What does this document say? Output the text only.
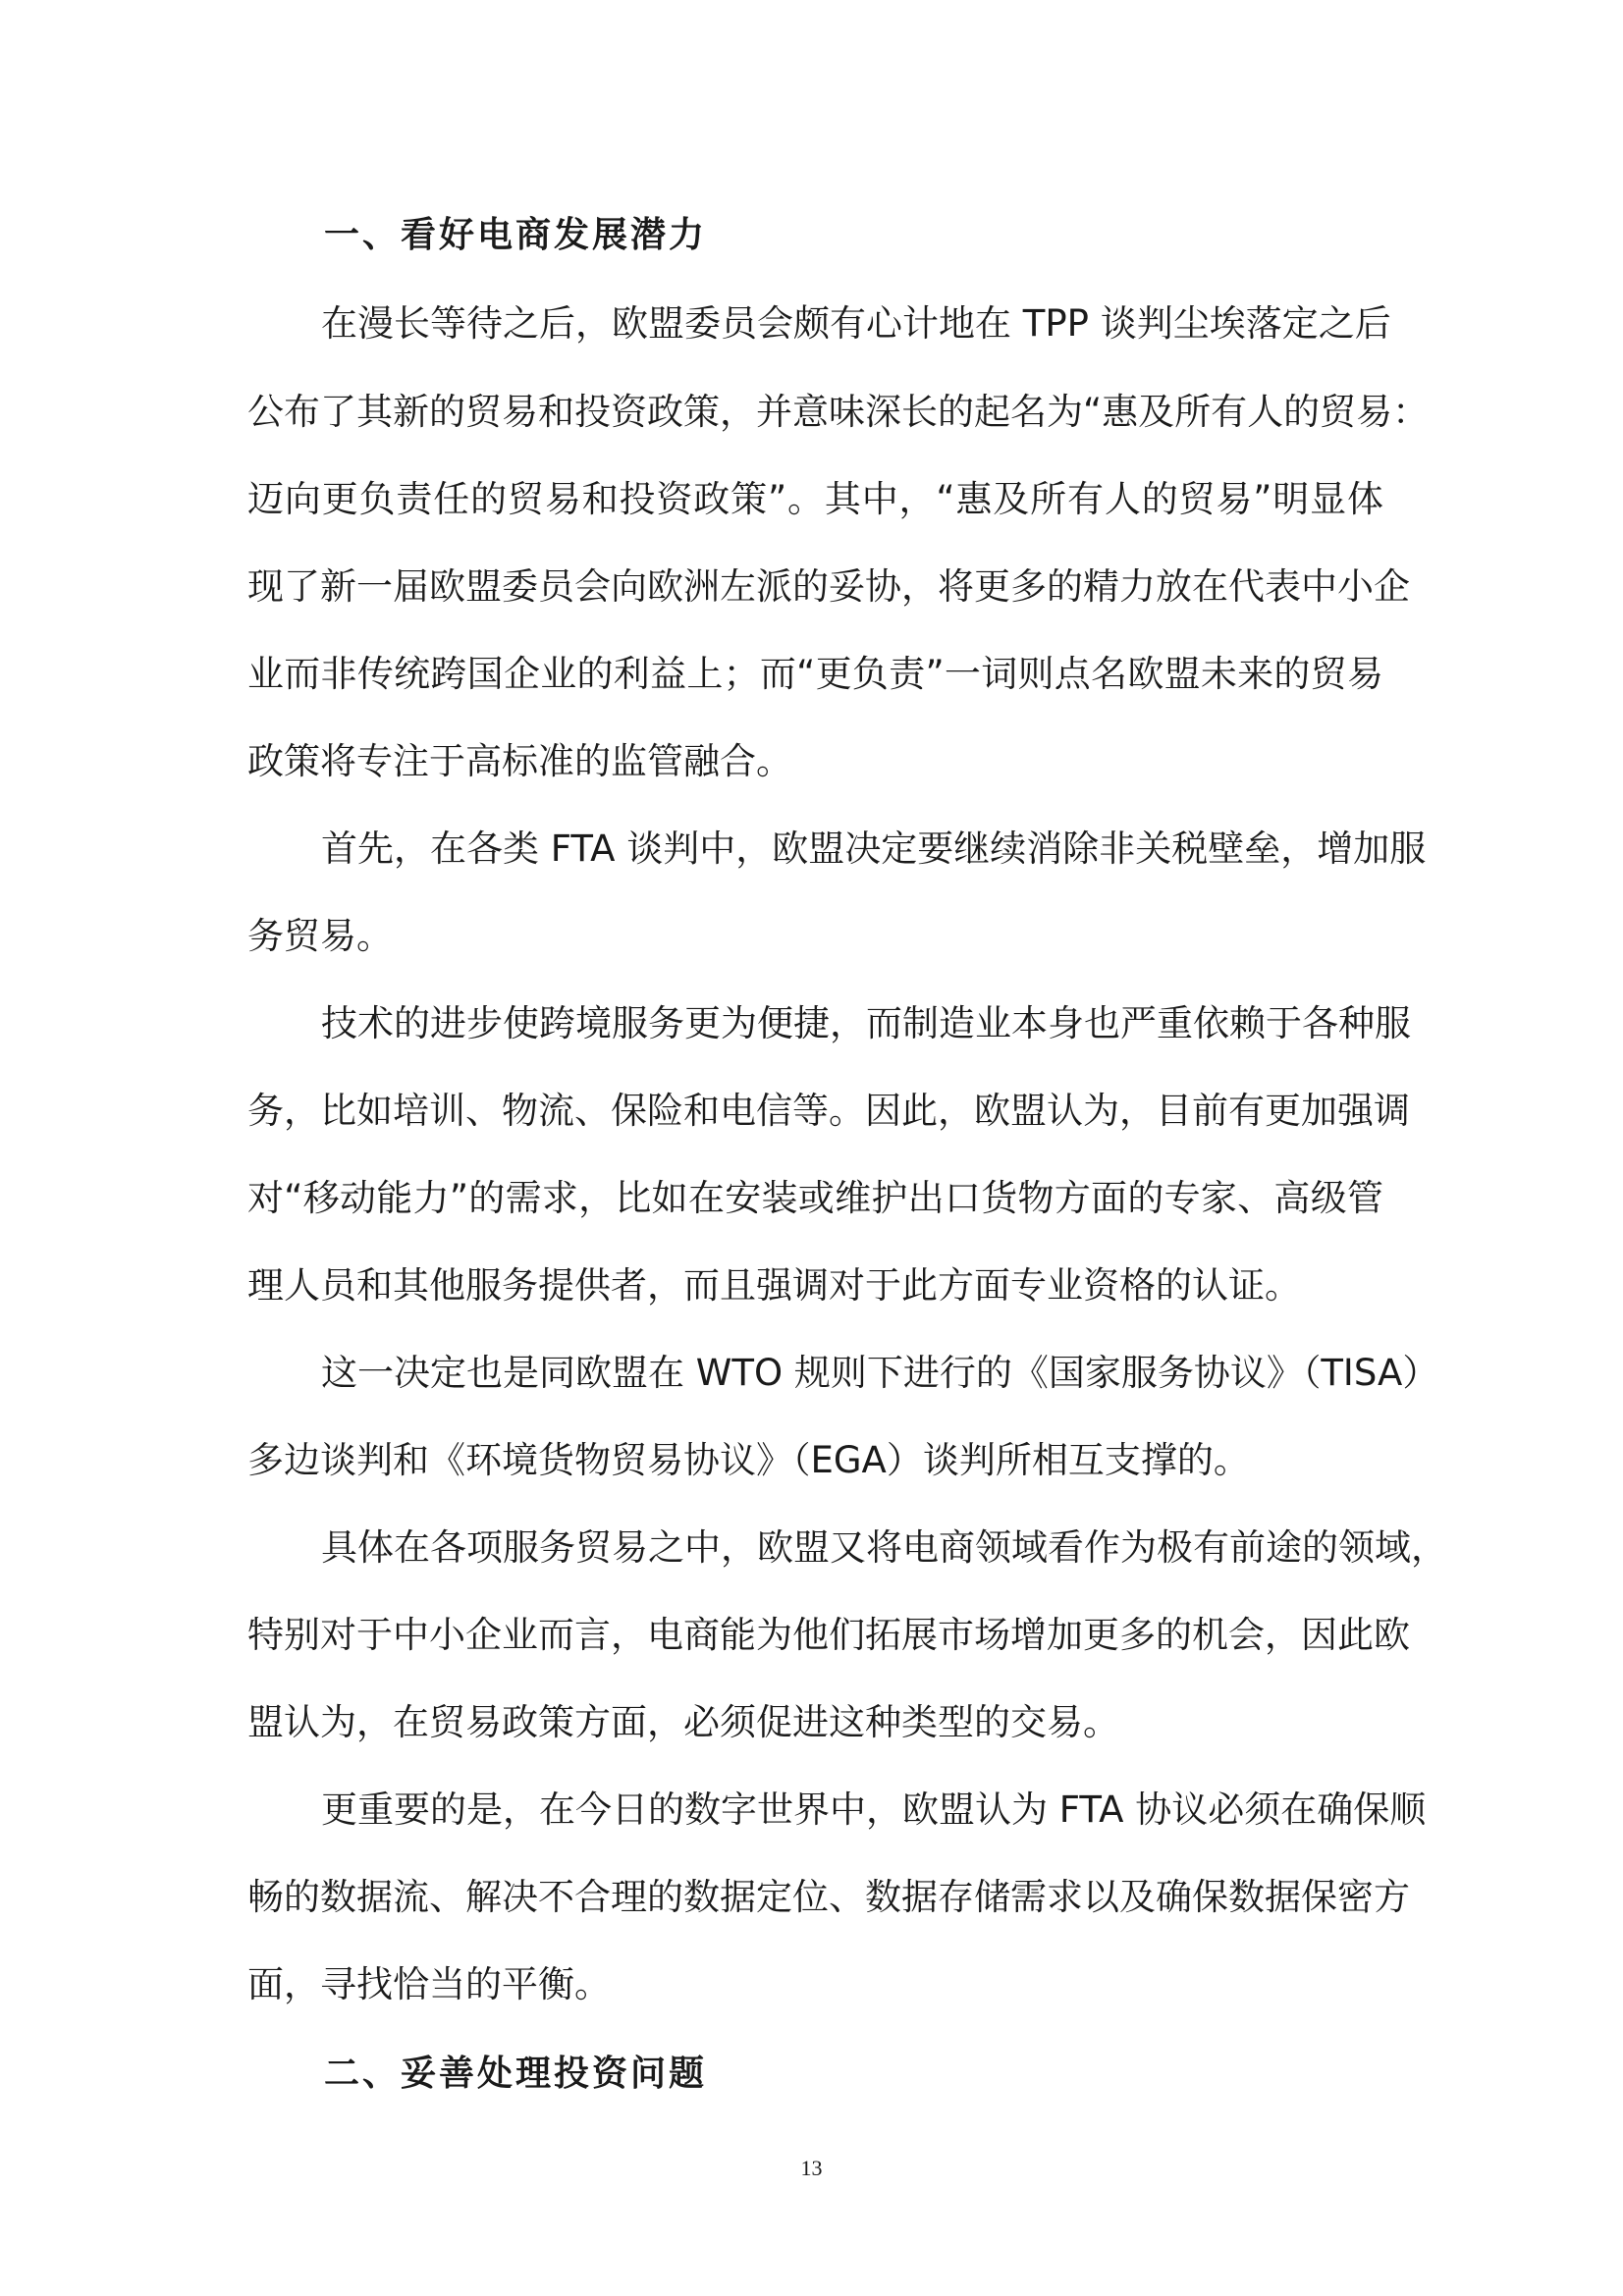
一、看好电商发展潜力

在漫长等待之后，欧盟委员会颇有心计地在 TPP 谈判尘埃落定之后

公布了其新的贸易和投资政策，并意味深长的起名为“惠及所有人的贸易：

迈向更负责任的贸易和投资政策”。其中，“惠及所有人的贸易”明显体

现了新一届欧盟委员会向欧洲左派的妥协，将更多的精力放在代表中小企

业而非传统跨国企业的利益上；而“更负责”一词则点名欧盟未来的贸易

政策将专注于高标准的监管融合。

首先，在各类 FTA 谈判中，欧盟决定要继续消除非关税壁垒，增加服

务贸易。

技术的进步使跨境服务更为便捷，而制造业本身也严重依赖于各种服

务，比如培训、物流、保险和电信等。因此，欧盟认为，目前有更加强调

对“移动能力”的需求，比如在安装或维护出口货物方面的专家、高级管

理人员和其他服务提供者，而且强调对于此方面专业资格的认证。

这一决定也是同欧盟在 WTO 规则下进行的《国家服务协议》（TISA）

多边谈判和《环境货物贸易协议》（EGA）谈判所相互支撑的。

具体在各项服务贸易之中，欧盟又将电商领域看作为极有前途的领域，

特别对于中小企业而言，电商能为他们拓展市场增加更多的机会，因此欧

盟认为，在贸易政策方面，必须促进这种类型的交易。

更重要的是，在今日的数字世界中，欧盟认为 FTA 协议必须在确保顺

畅的数据流、解决不合理的数据定位、数据存储需求以及确保数据保密方

面，寻找恰当的平衡。

二、妥善处理投资问题

13
